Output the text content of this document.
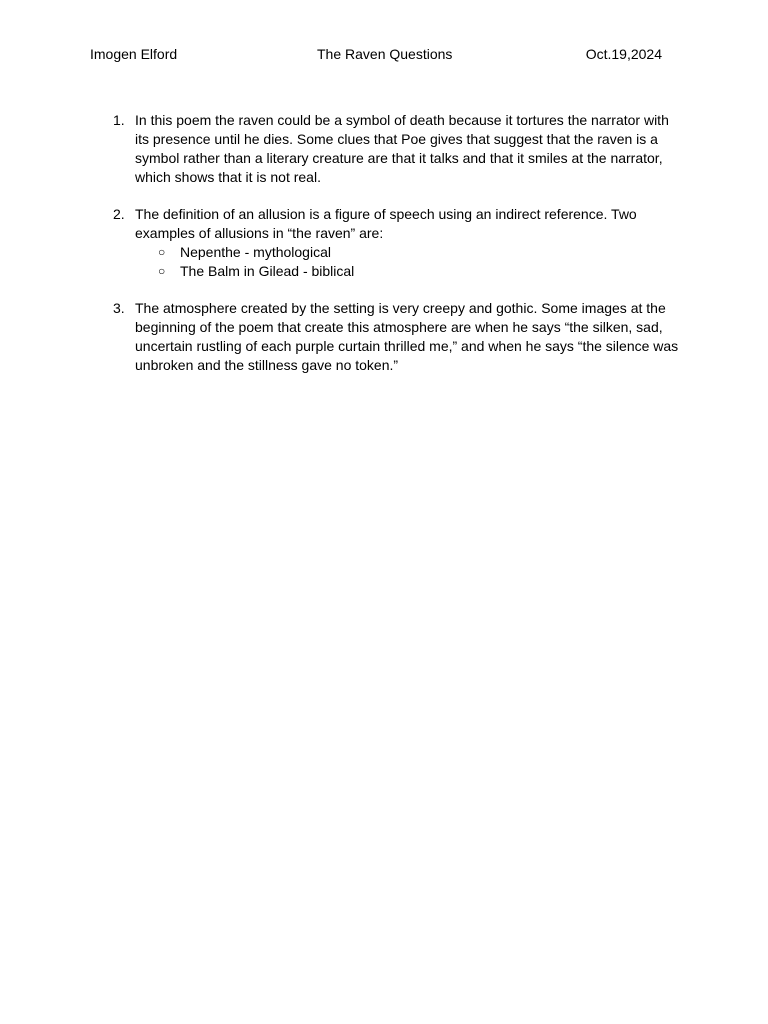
Imogen Elford	The Raven Questions	Oct.19,2024
1. In this poem the raven could be a symbol of death because it tortures the narrator with its presence until he dies. Some clues that Poe gives that suggest that the raven is a symbol rather than a literary creature are that it talks and that it smiles at the narrator, which shows that it is not real.
2. The definition of an allusion is a figure of speech using an indirect reference. Two examples of allusions in “the raven” are:
○ Nepenthe - mythological
○ The Balm in Gilead - biblical
3. The atmosphere created by the setting is very creepy and gothic. Some images at the beginning of the poem that create this atmosphere are when he says “the silken, sad, uncertain rustling of each purple curtain thrilled me,” and when he says “the silence was unbroken and the stillness gave no token.”
